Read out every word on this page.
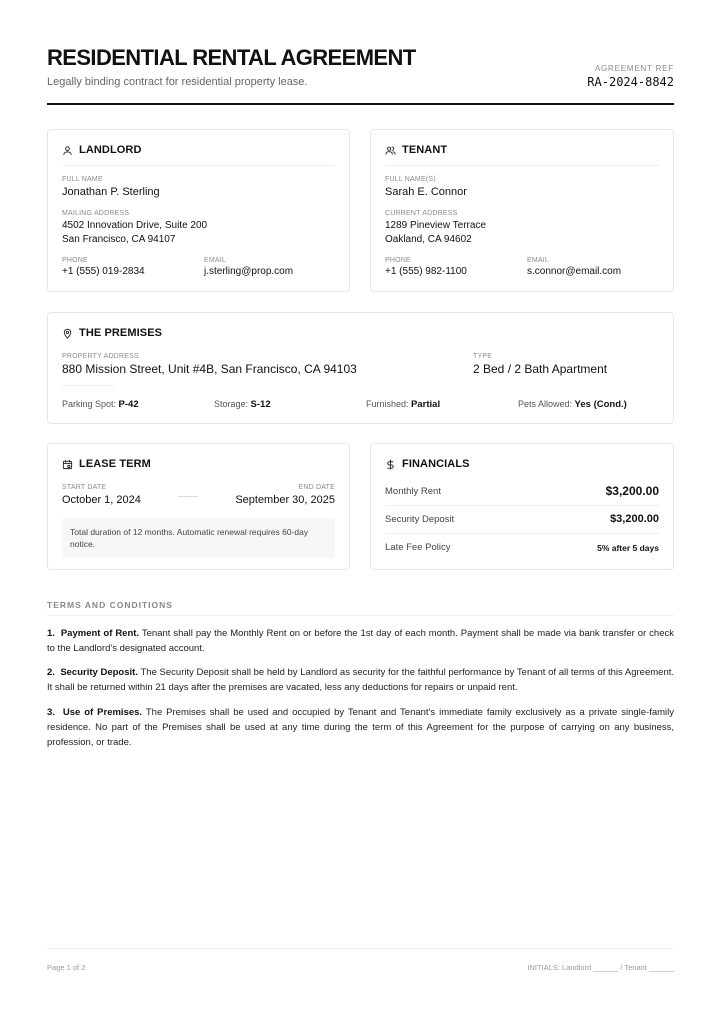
RESIDENTIAL RENTAL AGREEMENT
Legally binding contract for residential property lease.
AGREEMENT REF
RA-2024-8842
LANDLORD
FULL NAME
Jonathan P. Sterling
MAILING ADDRESS
4502 Innovation Drive, Suite 200
San Francisco, CA 94107
PHONE
+1 (555) 019-2834
EMAIL
j.sterling@prop.com
TENANT
FULL NAME(S)
Sarah E. Connor
CURRENT ADDRESS
1289 Pineview Terrace
Oakland, CA 94602
PHONE
+1 (555) 982-1100
EMAIL
s.connor@email.com
THE PREMISES
PROPERTY ADDRESS
880 Mission Street, Unit #4B, San Francisco, CA 94103
TYPE
2 Bed / 2 Bath Apartment
Parking Spot: P-42	Storage: S-12	Furnished: Partial	Pets Allowed: Yes (Cond.)
LEASE TERM
START DATE
October 1, 2024
END DATE
September 30, 2025
Total duration of 12 months. Automatic renewal requires 60-day notice.
FINANCIALS
Monthly Rent	$3,200.00
Security Deposit	$3,200.00
Late Fee Policy	5% after 5 days
TERMS AND CONDITIONS
1. Payment of Rent. Tenant shall pay the Monthly Rent on or before the 1st day of each month. Payment shall be made via bank transfer or check to the Landlord's designated account.
2. Security Deposit. The Security Deposit shall be held by Landlord as security for the faithful performance by Tenant of all terms of this Agreement. It shall be returned within 21 days after the premises are vacated, less any deductions for repairs or unpaid rent.
3. Use of Premises. The Premises shall be used and occupied by Tenant and Tenant's immediate family exclusively as a private single-family residence. No part of the Premises shall be used at any time during the term of this Agreement for the purpose of carrying on any business, profession, or trade.
Page 1 of 2	INITIALS: Landlord ______ / Tenant ______
